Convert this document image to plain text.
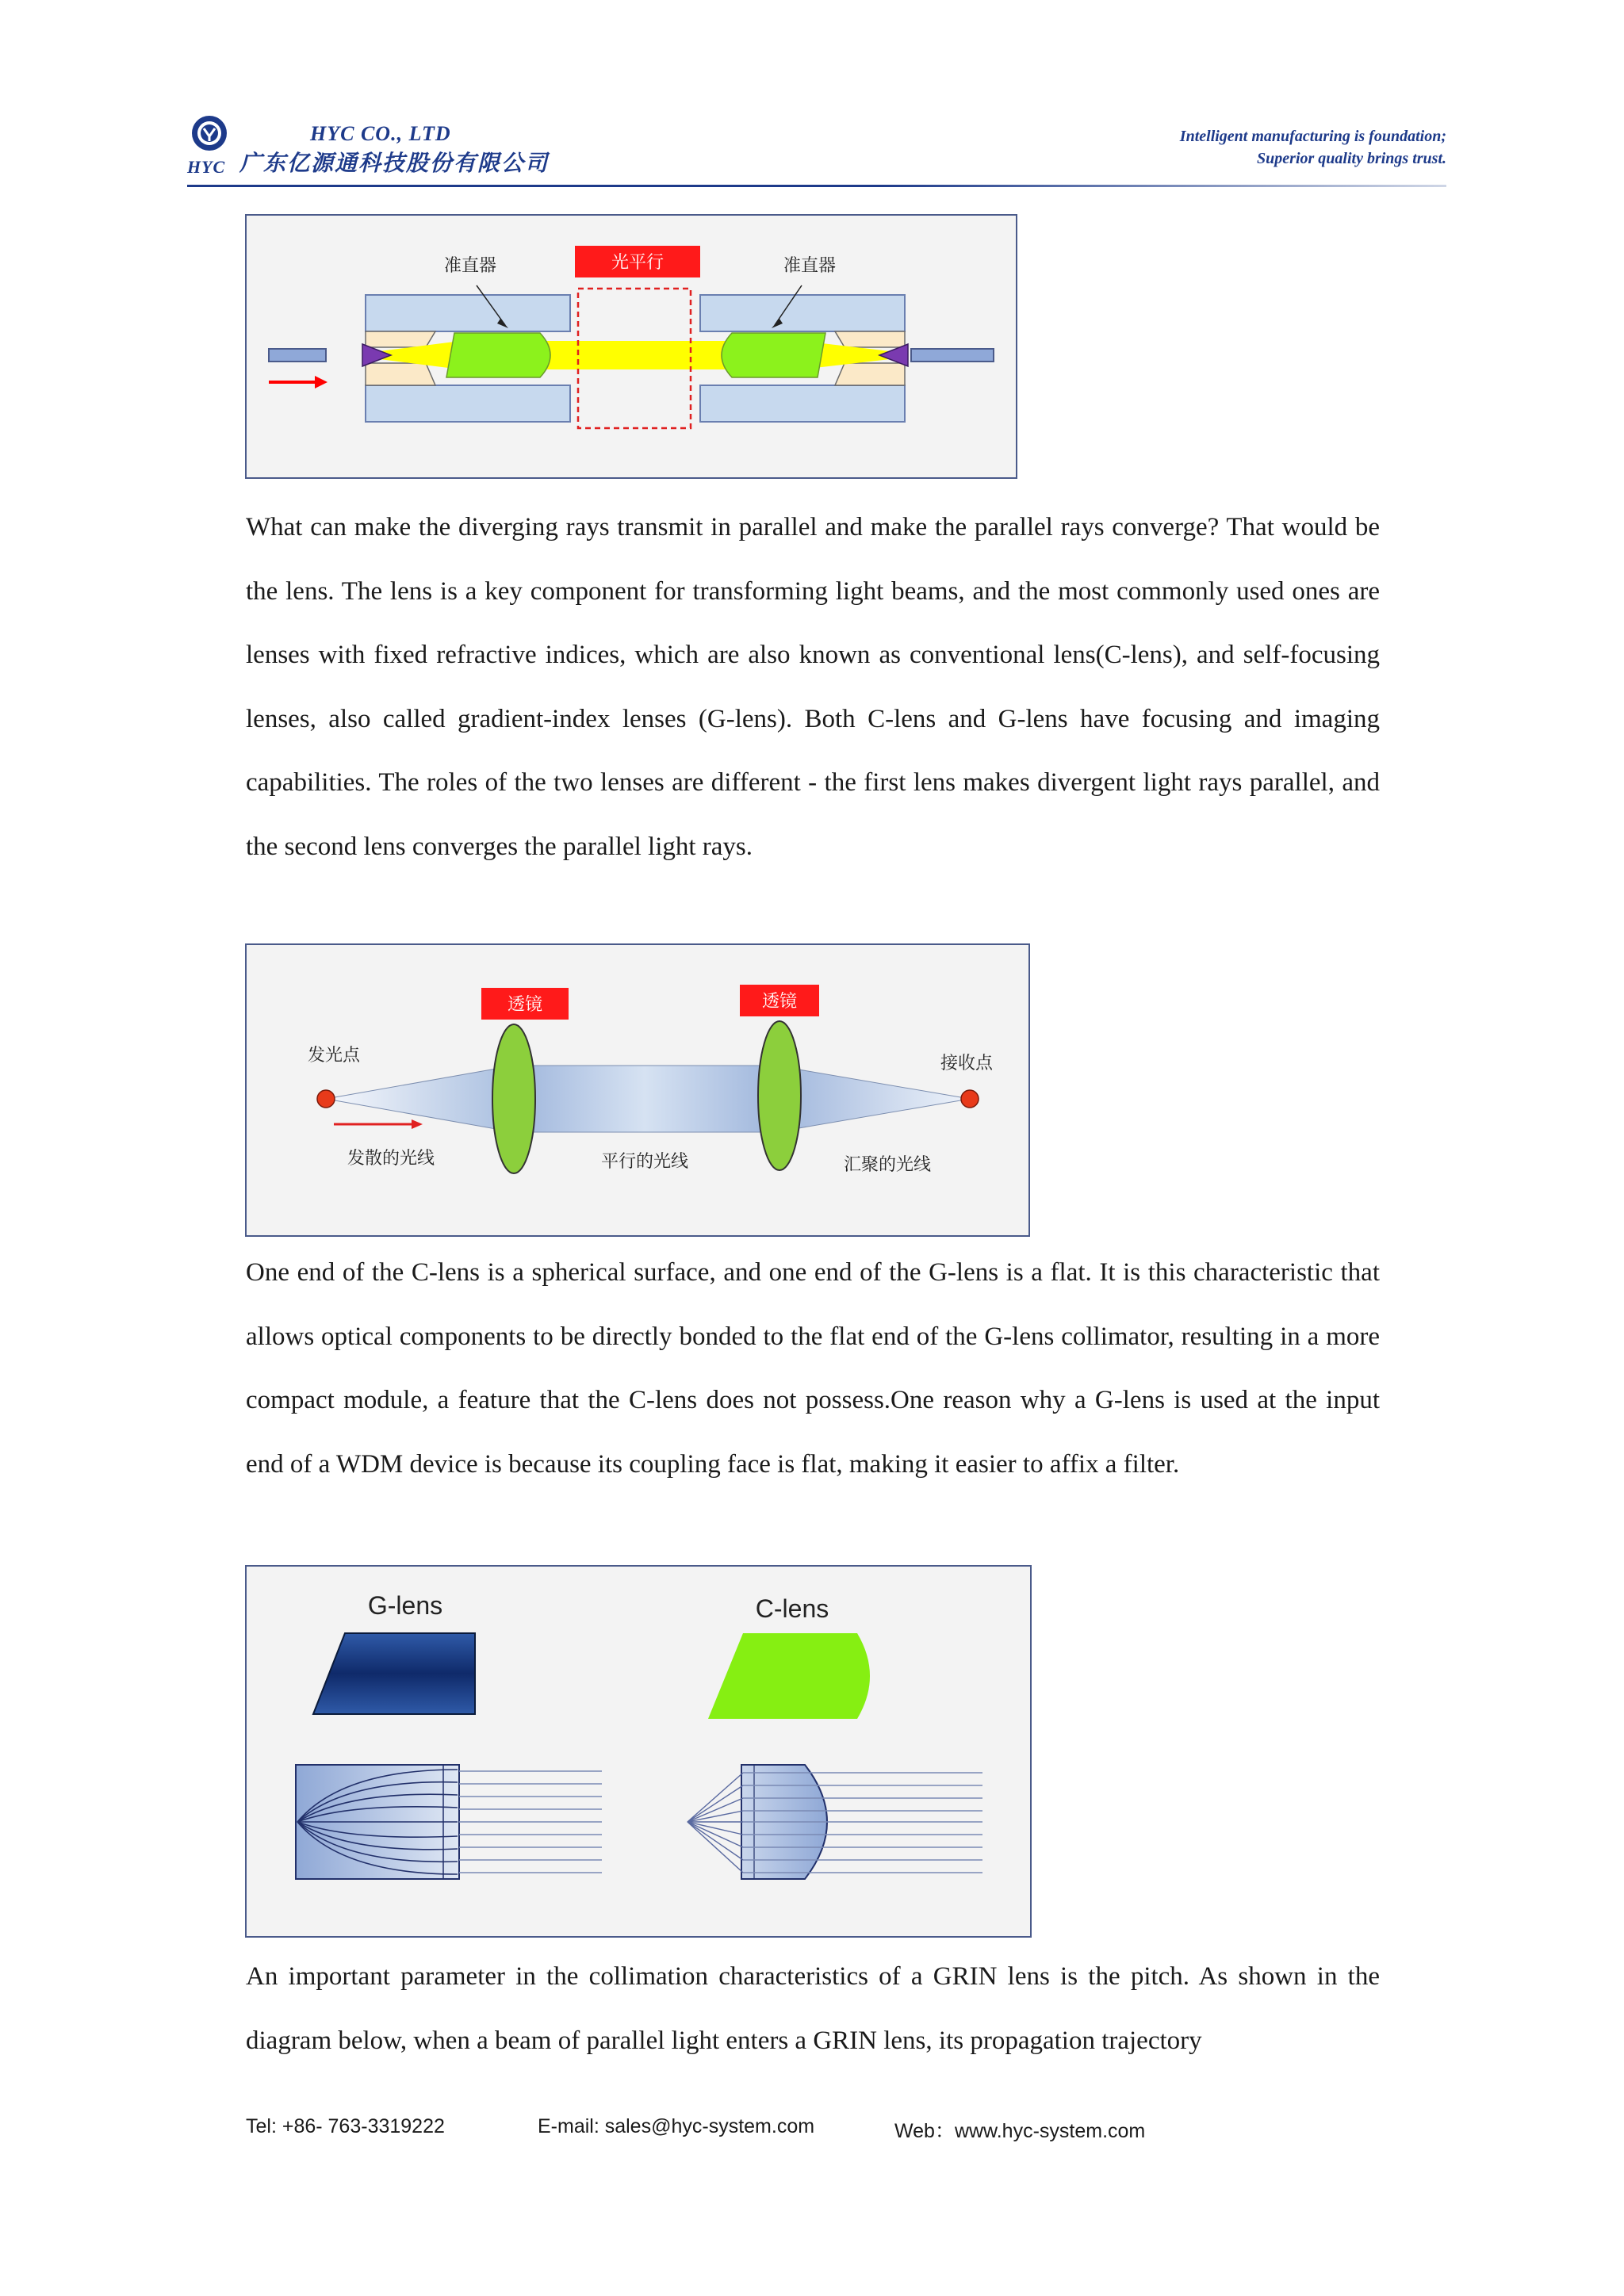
HYC
HYC CO., LTD
广东亿源通科技股份有限公司
Intelligent manufacturing is foundation;
Superior quality brings trust.
准直器	光平行	准直器

What can make the diverging rays transmit in parallel and make the parallel rays converge? That would be the lens. The lens is a key component for transforming light beams, and the most commonly used ones are lenses with fixed refractive indices, which are also known as conventional lens(C-lens), and self-focusing lenses, also called gradient-index lenses (G-lens). Both C-lens and G-lens have focusing and imaging capabilities. The roles of the two lenses are different - the first lens makes divergent light rays parallel, and the second lens converges the parallel light rays.

透镜	透镜
发光点	接收点
发散的光线	平行的光线	汇聚的光线

One end of the C-lens is a spherical surface, and one end of the G-lens is a flat. It is this characteristic that allows optical components to be directly bonded to the flat end of the G-lens collimator, resulting in a more compact module, a feature that the C-lens does not possess.One reason why a G-lens is used at the input end of a WDM device is because its coupling face is flat, making it easier to affix a filter.

G-lens	C-lens

An important parameter in the collimation characteristics of a GRIN lens is the pitch. As shown in the diagram below, when a beam of parallel light enters a GRIN lens, its propagation trajectory

Tel: +86- 763-3319222	E-mail: sales@hyc-system.com	Web：www.hyc-system.com
